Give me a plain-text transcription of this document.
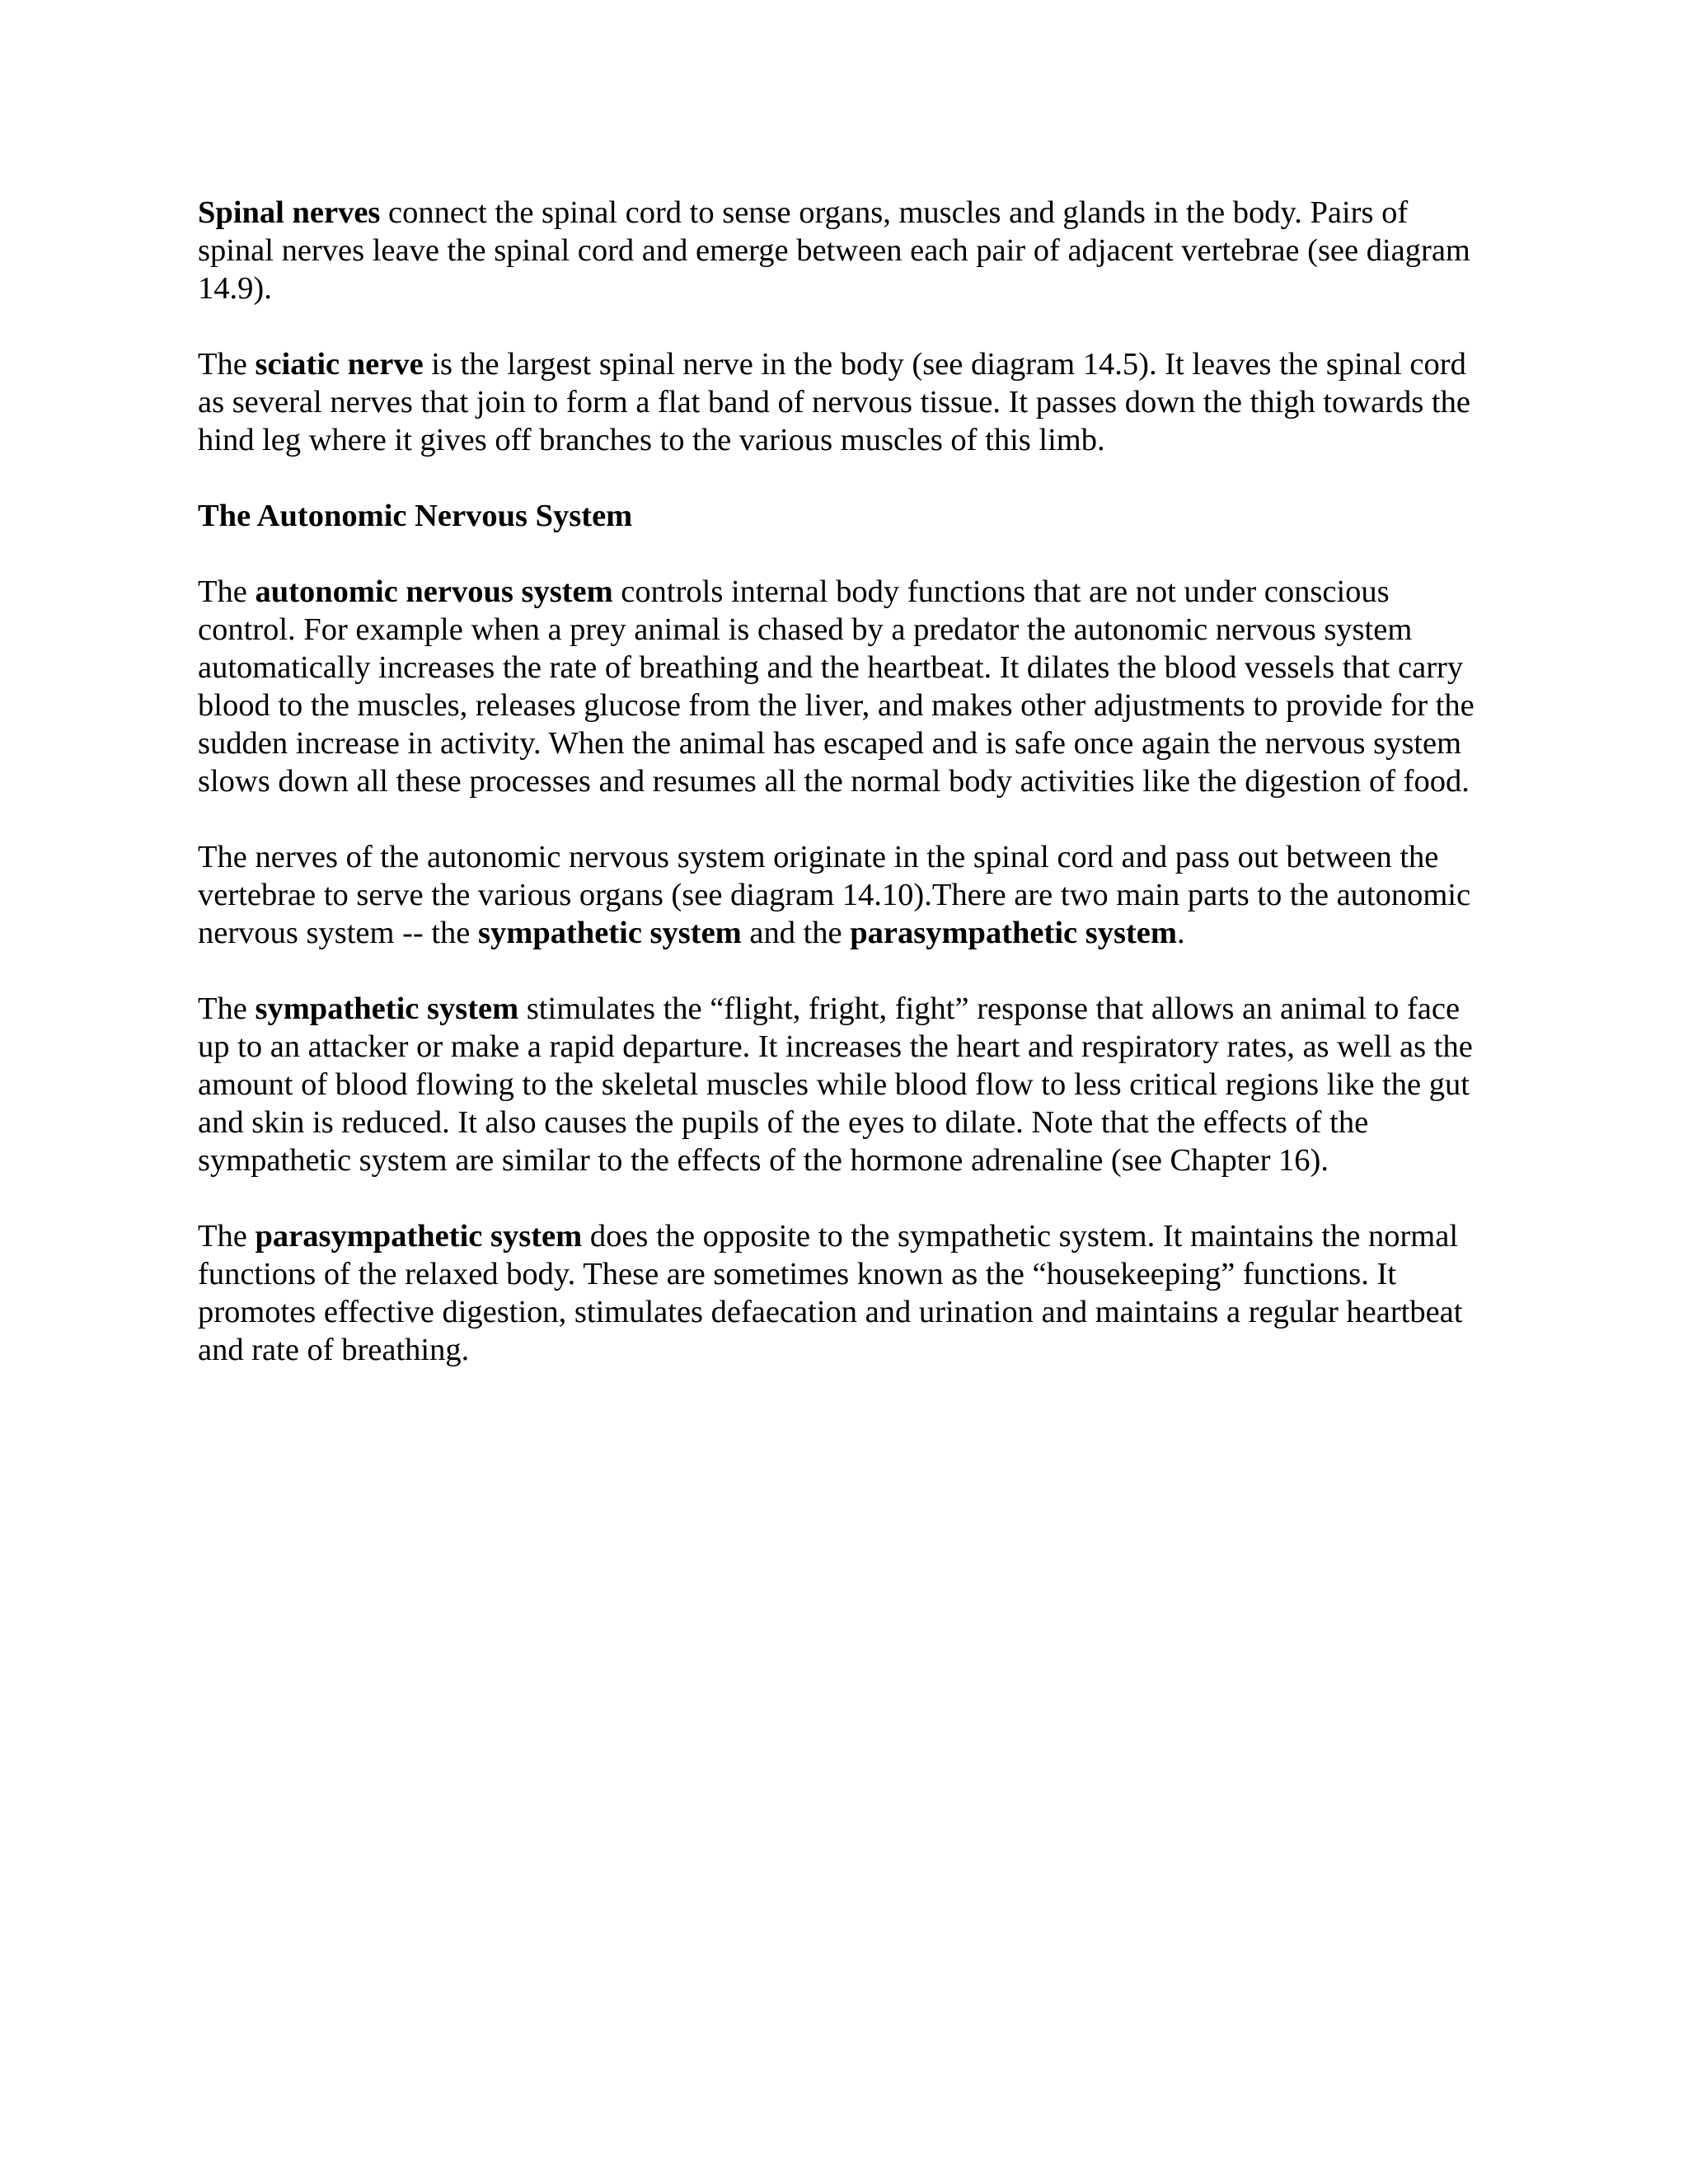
Spinal nerves connect the spinal cord to sense organs, muscles and glands in the body. Pairs of spinal nerves leave the spinal cord and emerge between each pair of adjacent vertebrae (see diagram 14.9).

The sciatic nerve is the largest spinal nerve in the body (see diagram 14.5). It leaves the spinal cord as several nerves that join to form a flat band of nervous tissue. It passes down the thigh towards the hind leg where it gives off branches to the various muscles of this limb.

The Autonomic Nervous System

The autonomic nervous system controls internal body functions that are not under conscious control. For example when a prey animal is chased by a predator the autonomic nervous system automatically increases the rate of breathing and the heartbeat. It dilates the blood vessels that carry blood to the muscles, releases glucose from the liver, and makes other adjustments to provide for the sudden increase in activity. When the animal has escaped and is safe once again the nervous system slows down all these processes and resumes all the normal body activities like the digestion of food.

The nerves of the autonomic nervous system originate in the spinal cord and pass out between the vertebrae to serve the various organs (see diagram 14.10).There are two main parts to the autonomic nervous system -- the sympathetic system and the parasympathetic system.

The sympathetic system stimulates the “flight, fright, fight” response that allows an animal to face up to an attacker or make a rapid departure. It increases the heart and respiratory rates, as well as the amount of blood flowing to the skeletal muscles while blood flow to less critical regions like the gut and skin is reduced. It also causes the pupils of the eyes to dilate. Note that the effects of the sympathetic system are similar to the effects of the hormone adrenaline (see Chapter 16).

The parasympathetic system does the opposite to the sympathetic system. It maintains the normal functions of the relaxed body. These are sometimes known as the “housekeeping” functions. It promotes effective digestion, stimulates defaecation and urination and maintains a regular heartbeat and rate of breathing.
